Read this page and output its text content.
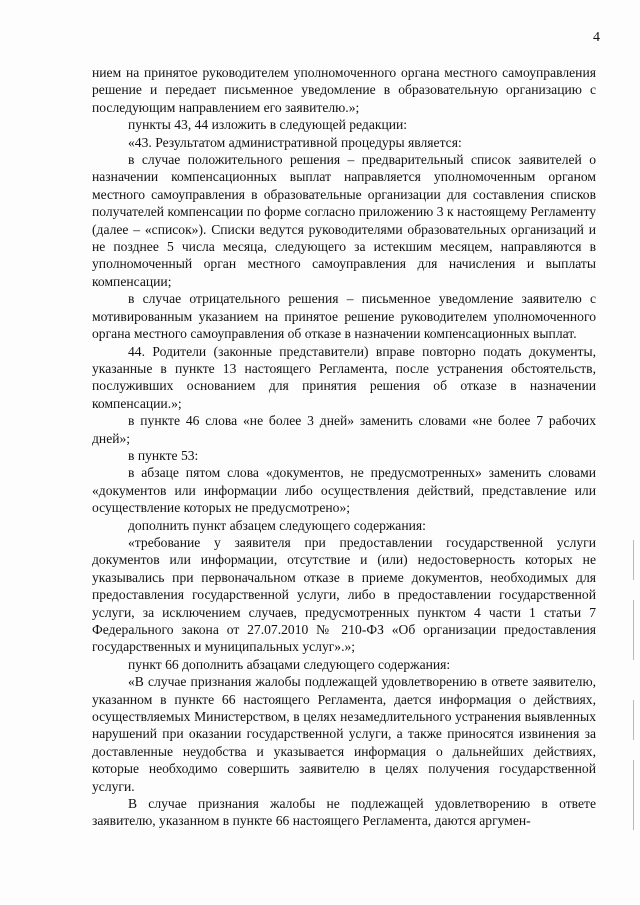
4

нием на принятое руководителем уполномоченного органа местного самоуправления решение и передает письменное уведомление в образовательную организацию с последующим направлением его заявителю.»;

пункты 43, 44 изложить в следующей редакции:

«43. Результатом административной процедуры является:

в случае положительного решения – предварительный список заявителей о назначении компенсационных выплат направляется уполномоченным органом местного самоуправления в образовательные организации для составления списков получателей компенсации по форме согласно приложению 3 к настоящему Регламенту (далее – «список»). Списки ведутся руководителями образовательных организаций и не позднее 5 числа месяца, следующего за истекшим месяцем, направляются в уполномоченный орган местного самоуправления для начисления и выплаты компенсации;

в случае отрицательного решения – письменное уведомление заявителю с мотивированным указанием на принятое решение руководителем уполномоченного органа местного самоуправления об отказе в назначении компенсационных выплат.

44. Родители (законные представители) вправе повторно подать документы, указанные в пункте 13 настоящего Регламента, после устранения обстоятельств, послуживших основанием для принятия решения об отказе в назначении компенсации.»;

в пункте 46 слова «не более 3 дней» заменить словами «не более 7 рабочих дней»;

в пункте 53:

в абзаце пятом слова «документов, не предусмотренных» заменить словами «документов или информации либо осуществления действий, представление или осуществление которых не предусмотрено»;

дополнить пункт абзацем следующего содержания:

«требование у заявителя при предоставлении государственной услуги документов или информации, отсутствие и (или) недостоверность которых не указывались при первоначальном отказе в приеме документов, необходимых для предоставления государственной услуги, либо в предоставлении государственной услуги, за исключением случаев, предусмотренных пунктом 4 части 1 статьи 7 Федерального закона от 27.07.2010 № 210-ФЗ «Об организации предоставления государственных и муниципальных услуг».»;

пункт 66 дополнить абзацами следующего содержания:

«В случае признания жалобы подлежащей удовлетворению в ответе заявителю, указанном в пункте 66 настоящего Регламента, дается информация о действиях, осуществляемых Министерством, в целях незамедлительного устранения выявленных нарушений при оказании государственной услуги, а также приносятся извинения за доставленные неудобства и указывается информация о дальнейших действиях, которые необходимо совершить заявителю в целях получения государственной услуги.

В случае признания жалобы не подлежащей удовлетворению в ответе заявителю, указанном в пункте 66 настоящего Регламента, даются аргумен-
